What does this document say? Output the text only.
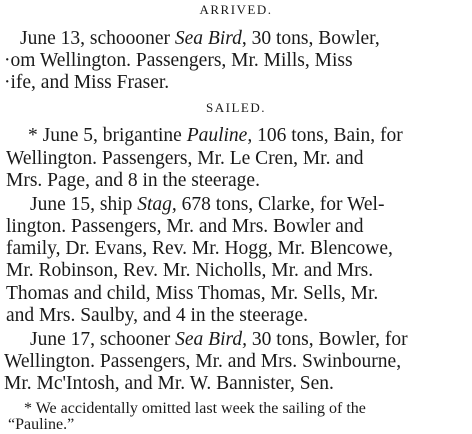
ARRIVED.
June 13, schoooner Sea Bird, 30 tons, Bowler,
·om Wellington. Passengers, Mr. Mills, Miss
·ife, and Miss Fraser.
SAILED.
* June 5, brigantine Pauline, 106 tons, Bain, for
Wellington. Passengers, Mr. Le Cren, Mr. and
Mrs. Page, and 8 in the steerage.
June 15, ship Stag, 678 tons, Clarke, for Wel-
lington. Passengers, Mr. and Mrs. Bowler and
family, Dr. Evans, Rev. Mr. Hogg, Mr. Blencowe,
Mr. Robinson, Rev. Mr. Nicholls, Mr. and Mrs.
Thomas and child, Miss Thomas, Mr. Sells, Mr.
and Mrs. Saulby, and 4 in the steerage.
June 17, schooner Sea Bird, 30 tons, Bowler, for
Wellington. Passengers, Mr. and Mrs. Swinbourne,
Mr. Mc'Intosh, and Mr. W. Bannister, Sen.
* We accidentally omitted last week the sailing of the
“Pauline.”
